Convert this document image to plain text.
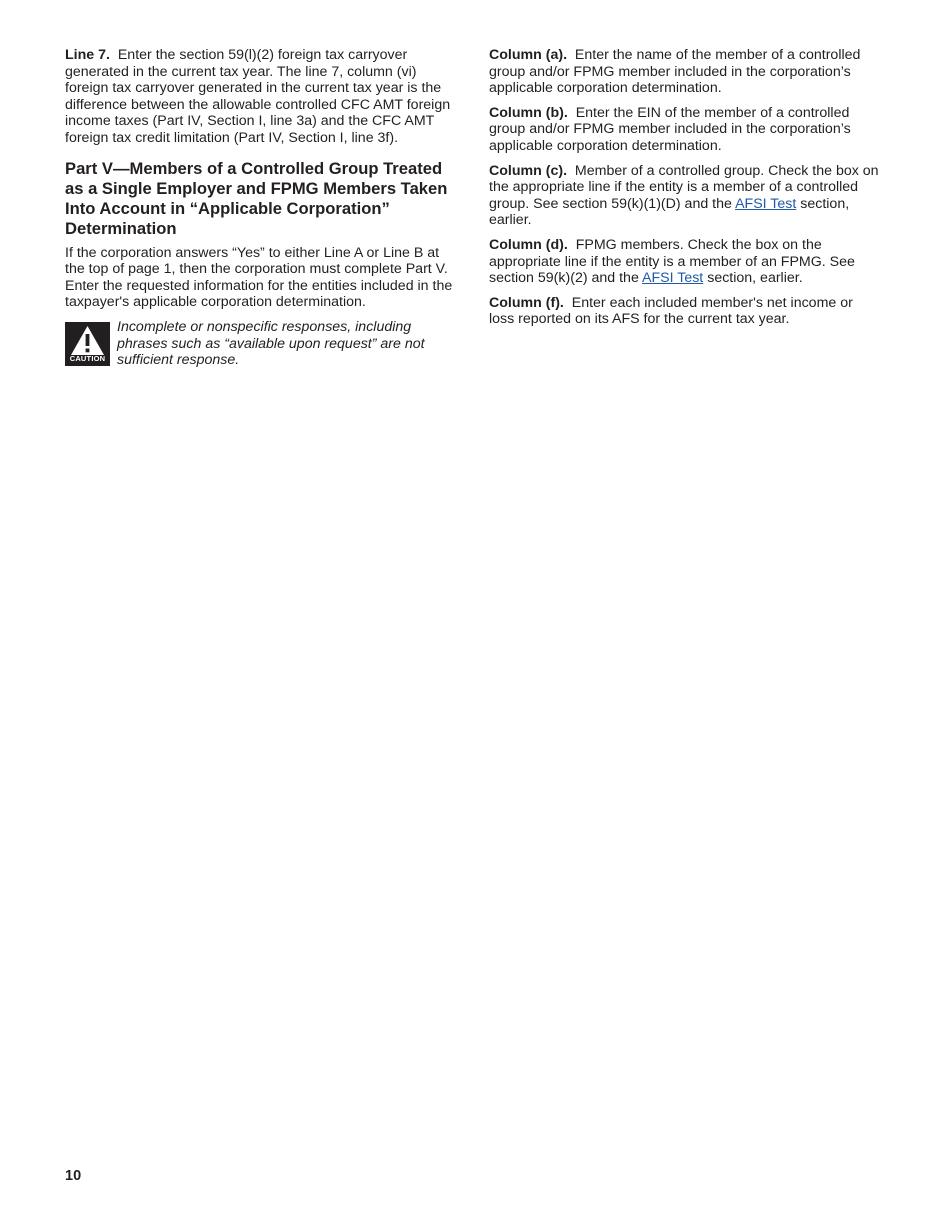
Line 7. Enter the section 59(l)(2) foreign tax carryover generated in the current tax year. The line 7, column (vi) foreign tax carryover generated in the current tax year is the difference between the allowable controlled CFC AMT foreign income taxes (Part IV, Section I, line 3a) and the CFC AMT foreign tax credit limitation (Part IV, Section I, line 3f).

Part V—Members of a Controlled Group Treated as a Single Employer and FPMG Members Taken Into Account in “Applicable Corporation” Determination

If the corporation answers “Yes” to either Line A or Line B at the top of page 1, then the corporation must complete Part V. Enter the requested information for the entities included in the taxpayer's applicable corporation determination.

CAUTION
Incomplete or nonspecific responses, including phrases such as “available upon request” are not sufficient response.

Column (a). Enter the name of the member of a controlled group and/or FPMG member included in the corporation’s applicable corporation determination.

Column (b). Enter the EIN of the member of a controlled group and/or FPMG member included in the corporation’s applicable corporation determination.

Column (c). Member of a controlled group. Check the box on the appropriate line if the entity is a member of a controlled group. See section 59(k)(1)(D) and the AFSI Test section, earlier.

Column (d). FPMG members. Check the box on the appropriate line if the entity is a member of an FPMG. See section 59(k)(2) and the AFSI Test section, earlier.

Column (f). Enter each included member's net income or loss reported on its AFS for the current tax year.

10
